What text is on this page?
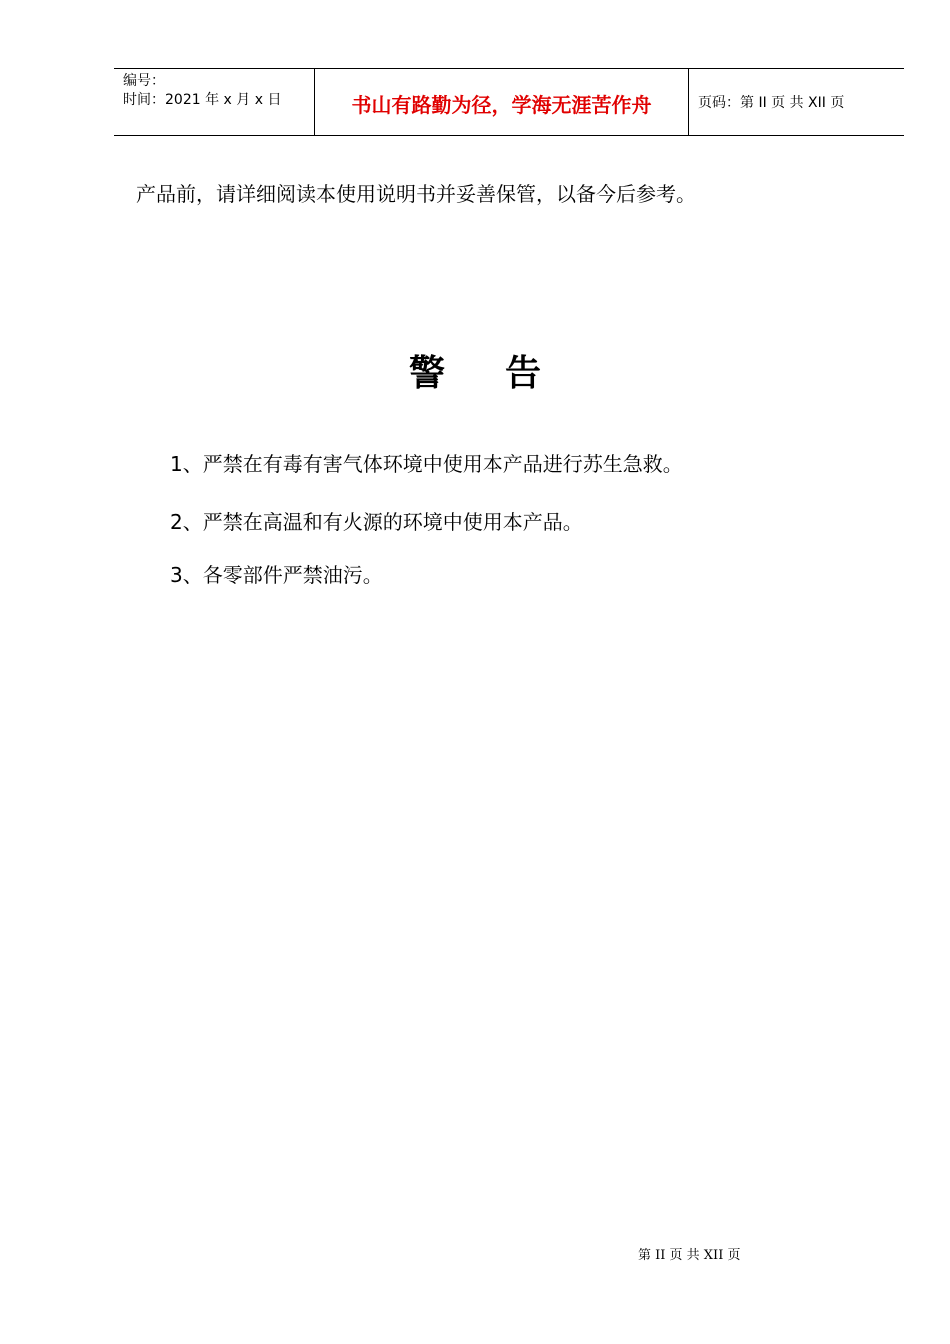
编号：
时间：2021 年 x 月 x 日	书山有路勤为径，学海无涯苦作舟	页码：第 II 页 共 XII 页
产品前，请详细阅读本使用说明书并妥善保管，以备今后参考。
警告
1、严禁在有毒有害气体环境中使用本产品进行苏生急救。
2、严禁在高温和有火源的环境中使用本产品。
3、各零部件严禁油污。
第 II 页 共 XII 页
